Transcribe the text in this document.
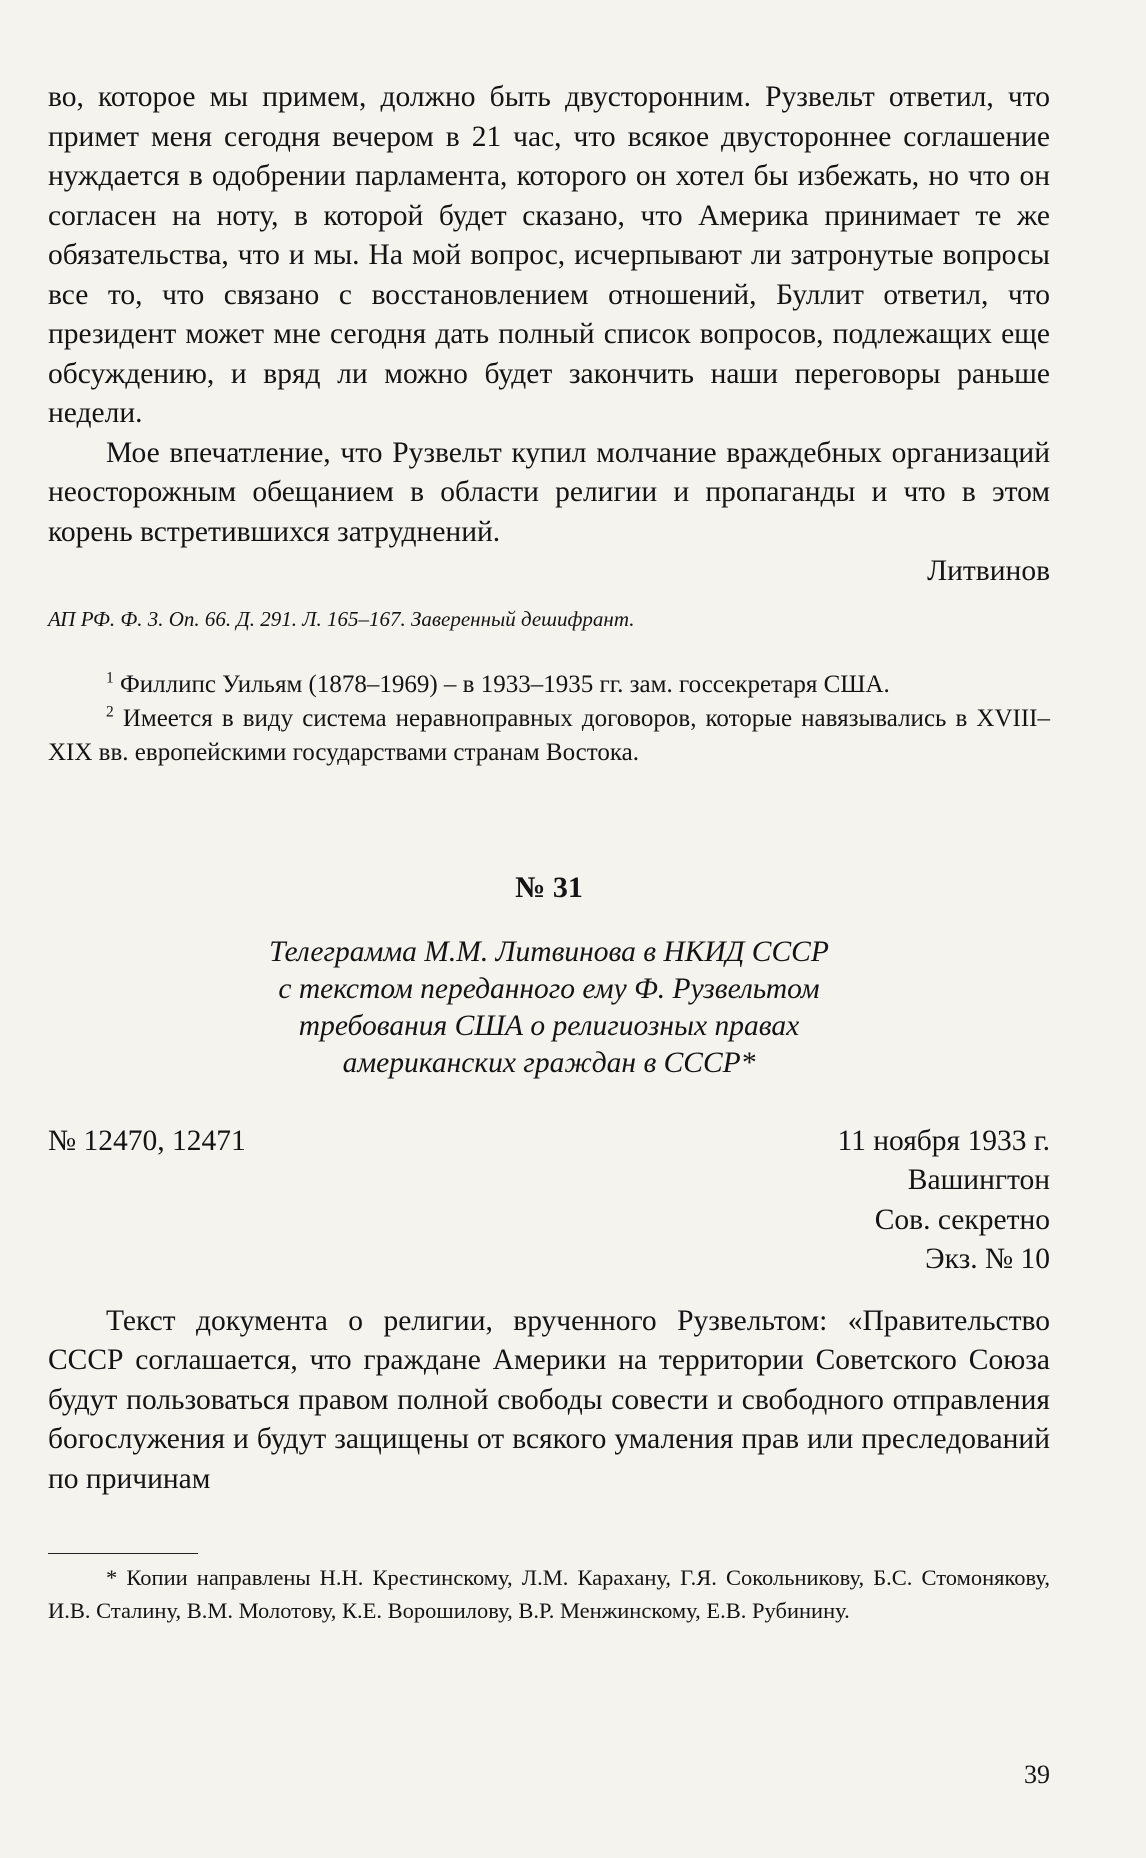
во, которое мы примем, должно быть двусторонним. Рузвельт ответил, что примет меня сегодня вечером в 21 час, что всякое двустороннее соглашение нуждается в одобрении парламента, которого он хотел бы избежать, но что он согласен на ноту, в которой будет сказано, что Америка принимает те же обязательства, что и мы. На мой вопрос, исчерпывают ли затронутые вопросы все то, что связано с восстановлением отношений, Буллит ответил, что президент может мне сегодня дать полный список вопросов, подлежащих еще обсуждению, и вряд ли можно будет закончить наши переговоры раньше недели.

Мое впечатление, что Рузвельт купил молчание враждебных организаций неосторожным обещанием в области религии и пропаганды и что в этом корень встретившихся затруднений.

Литвинов

АП РФ. Ф. 3. Оп. 66. Д. 291. Л. 165–167. Заверенный дешифрант.

$^1$ Филлипс Уильям (1878–1969) – в 1933–1935 гг. зам. госсекретаря США.

$^2$ Имеется в виду система неравноправных договоров, которые навязывались в XVIII–XIX вв. европейскими государствами странам Востока.

№ 31

Телеграмма М.М. Литвинова в НКИД СССР
с текстом переданного ему Ф. Рузвельтом
требования США о религиозных правах
американских граждан в СССР*

№ 12470, 12471	11 ноября 1933 г.
Вашингтон
Сов. секретно
Экз. № 10

Текст документа о религии, врученного Рузвельтом: «Правительство СССР соглашается, что граждане Америки на территории Советского Союза будут пользоваться правом полной свободы совести и свободного отправления богослужения и будут защищены от всякого умаления прав или преследований по причинам

* Копии направлены Н.Н. Крестинскому, Л.М. Карахану, Г.Я. Сокольникову, Б.С. Стомонякову, И.В. Сталину, В.М. Молотову, К.Е. Ворошилову, В.Р. Менжинскому, Е.В. Рубинину.

39
